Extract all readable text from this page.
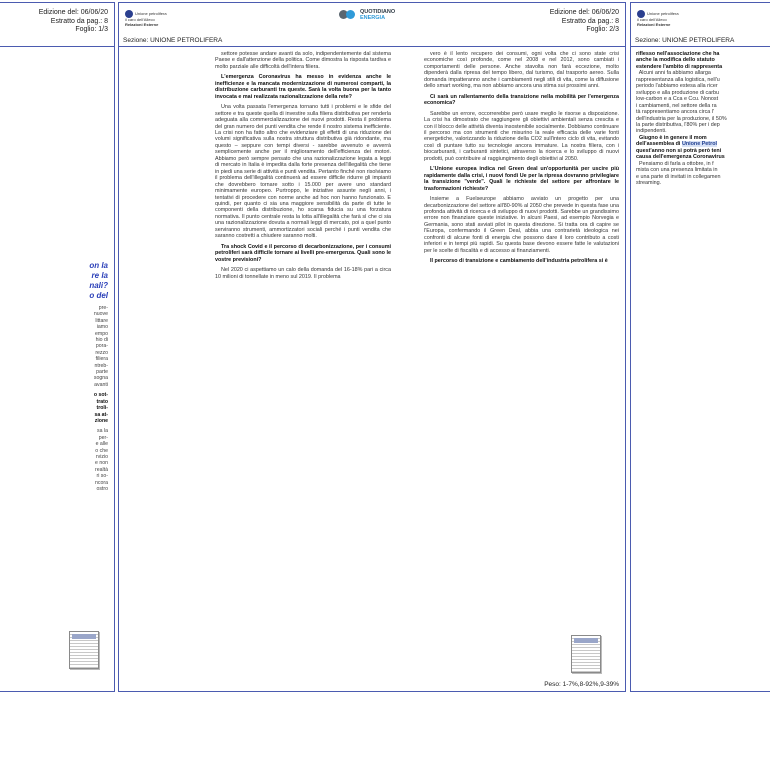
Edizione del: 06/06/20
Estratto da pag.: 8
Foglio: 1/3
on la
re la
nali?
o del
pre-
nuove
littare
iamo
empo
hio di
pora-
rezzo
filiera
ntreb-
parte
sogna
avanti
o sot-
trato
troli-
sa at-
zione
sa la
per-
e alle
o che
rvizio
e non
realtà
ri so-
ncora
ostro
Unione petrolifera
il caro dell'Alleco
Relazioni Esterne
QUOTIDIANO
ENERGIA
Edizione del: 06/06/20
Estratto da pag.: 8
Foglio: 2/3
Sezione: UNIONE PETROLIFERA

settore potesse andare avanti da solo, indipendentemente dal sistema Paese e dall'attenzione della politica. Come dimostra la risposta tardiva e molto parziale alle difficoltà dell'intera filiera.

L'emergenza Coronavirus ha messo in evidenza anche le inefficienze e la mancata modernizzazione di numerosi comparti, la distribuzione carburanti tra queste. Sarà la volta buona per la tanto invocata e mai realizzata razionalizzazione della rete?

Una volta passata l'emergenza tornano tutti i problemi e le sfide del settore e tra queste quella di investire sulla filiera distributiva per renderla adeguata alla commercializzazione dei nuovi prodotti. Resta il problema del gran numero dei punti vendita che rende il nostro sistema inefficiente. La crisi non ha fatto altro che evidenziare gli effetti di una riduzione dei volumi significativa sulla nostra struttura distributiva già ridondante, ma questo – seppure con tempi diversi - sarebbe avvenuto e avverrà semplicemente anche per il miglioramento dell'efficienza dei motori. Abbiamo però sempre pensato che una razionalizzazione legata a leggi di mercato in Italia è impedita dalla forte presenza dell'illegalità che tiene in piedi una serie di attività e punti vendita. Pertanto finché non risolviamo il problema dell'illegalità continuerà ad essere difficile ridurre gli impianti che dovrebbero tornare sotto i 15.000 per avere uno standard minimamente europeo. Purtroppo, le iniziative assunte negli anni, i tentativi di procedere con norme anche ad hoc non hanno funzionato. E quindi, per quanto ci sia una maggiore sensibilità da parte di tutte le componenti della distribuzione, ho scarsa fiducia su una forzatura normativa. Il punto centrale resta la lotta all'illegalità che farà sì che ci sia una razionalizzazione dovuta a normali leggi di mercato, poi a quel punto serviranno strumenti, ammortizzatori sociali perché i punti vendita che saranno costretti a chiudere saranno molti.

Tra shock Covid e il percorso di decarbonizzazione, per i consumi petroliferi sarà difficile tornare ai livelli pre-emergenza. Quali sono le vostre previsioni?

Nel 2020 ci aspettiamo un calo della domanda del 16-18% pari a circa 10 milioni di tonnellate in meno sul 2019. Il problema

vero è il lento recupero dei consumi, ogni volta che ci sono state crisi economiche così profonde, come nel 2008 e nel 2012, sono cambiati i comportamenti delle persone. Anche stavolta non farà eccezione, molto dipenderà dalla ripresa del tempo libero, dal turismo, dal trasporto aereo. Sulla domanda impatteranno anche i cambiamenti negli stili di vita, come la diffusione dello smart working, ma non abbiamo ancora una stima sui prossimi anni.

Ci sarà un rallentamento della transizione nella mobilità per l'emergenza economica?

Sarebbe un errore, occorrerebbe però usare meglio le risorse a disposizione. La crisi ha dimostrato che raggiungere gli obiettivi ambientali senza crescita e con il blocco delle attività diventa insostenibile socialmente. Dobbiamo continuare il percorso ma con strumenti che misurino la reale efficacia delle varie fonti energetiche, valorizzando la riduzione della CO2 sull'intero ciclo di vita, evitando così di puntare tutto su tecnologie ancora immature. La nostra filiera, con i biocarburanti, i carburanti sintetici, attraverso la ricerca e lo sviluppo di nuovi prodotti, può contribuire al raggiungimento degli obiettivi al 2050.

L'Unione europea indica nel Green deal un'opportunità per uscire più rapidamente dalla crisi, i nuovi fondi Ue per la ripresa dovranno privilegiare la transizione "verde". Quali le richieste del settore per affrontare le trasformazioni richieste?

Insieme a Fuelseurope abbiamo avviato un progetto per una decarbonizzazione del settore all'80-90% al 2050 che prevede in questa fase una profonda attività di ricerca e di sviluppo di nuovi prodotti. Sarebbe un grandissimo errore non finanziare queste iniziative. In alcuni Paesi, ad esempio Norvegia e Germania, sono stati avviati pilot in questa direzione. Si tratta ora di capire se l'Europa, confermando il Green Deal, abbia una contrarietà ideologica nei confronti di alcune fonti di energia che possono dare il loro contributo a costi inferiori e in tempi più rapidi. Su questa base devono essere fatte le valutazioni per le scelte di fiscalità e di accesso ai finanziamenti.

Il percorso di transizione e cambiamento dell'industria petrolifera si è

Peso: 1-7%,8-92%,9-39%
Unione petrolifera
il caro dell'Alleco
Relazioni Esterne
Sezione: UNIONE PETROLIFERA
riflesso nell'associazione che ha
anche la modifica dello statuto
estendere l'ambito di rappresenta
Alcuni anni fa abbiamo allarga
rappresentanza alla logistica, nell'u
periodo l'abbiamo estesa alla ricer
sviluppo e alla produzione di carbu
low-carbon e a Cca e Ccu. Nonost
i cambiamenti, nel settore della ra
tà rappresentiamo ancora circa l'
dell'industria per la produzione, il 50%
la parte distributiva, l'80% per i dep
indipendenti.
Giugno è in genere il mom
dell'assemblea di Unione Petrol
quest'anno non si potrà però teni
causa dell'emergenza Coronavirus
Pensiamo di farla a ottobre, in f
mista con una presenza limitata in
e una parte di invitati in collegamen
streaming.
